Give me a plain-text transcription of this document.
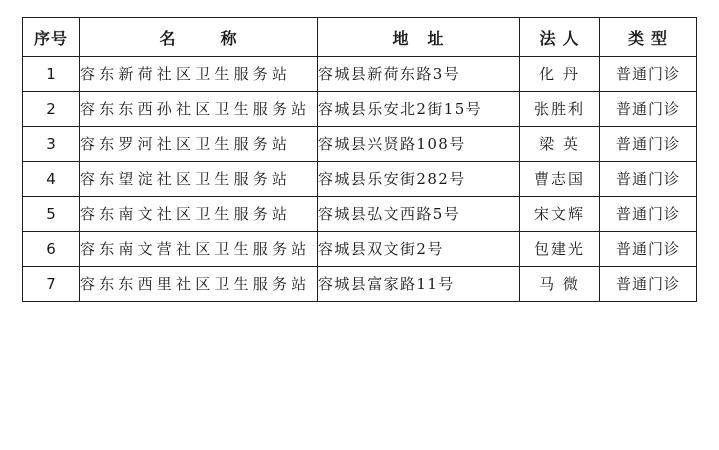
序号	名 称	地 址	法 人	类 型
1	容东新荷社区卫生服务站	容城县新荷东路3号	化 丹	普通门诊
2	容东东西孙社区卫生服务站	容城县乐安北2街15号	张胜利	普通门诊
3	容东罗河社区卫生服务站	容城县兴贤路108号	梁 英	普通门诊
4	容东望淀社区卫生服务站	容城县乐安街282号	曹志国	普通门诊
5	容东南文社区卫生服务站	容城县弘文西路5号	宋文辉	普通门诊
6	容东南文营社区卫生服务站	容城县双文街2号	包建光	普通门诊
7	容东东西里社区卫生服务站	容城县富家路11号	马 微	普通门诊
